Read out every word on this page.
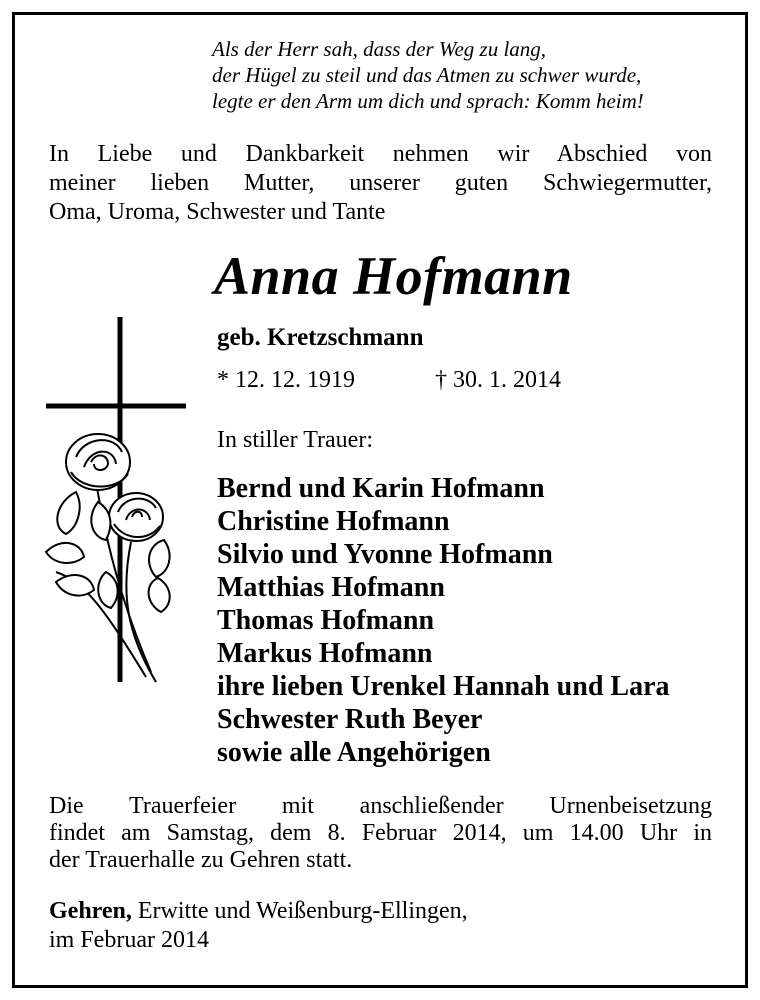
Als der Herr sah, dass der Weg zu lang,
der Hügel zu steil und das Atmen zu schwer wurde,
legte er den Arm um dich und sprach: Komm heim!
In Liebe und Dankbarkeit nehmen wir Abschied von
meiner lieben Mutter, unserer guten Schwiegermutter,
Oma, Uroma, Schwester und Tante
Anna Hofmann
geb. Kretzschmann
* 12. 12. 1919	† 30. 1. 2014
In stiller Trauer:
Bernd und Karin Hofmann
Christine Hofmann
Silvio und Yvonne Hofmann
Matthias Hofmann
Thomas Hofmann
Markus Hofmann
ihre lieben Urenkel Hannah und Lara
Schwester Ruth Beyer
sowie alle Angehörigen
Die Trauerfeier mit anschließender Urnenbeisetzung
findet am Samstag, dem 8. Februar 2014, um 14.00 Uhr in
der Trauerhalle zu Gehren statt.
Gehren, Erwitte und Weißenburg-Ellingen,
im Februar 2014
